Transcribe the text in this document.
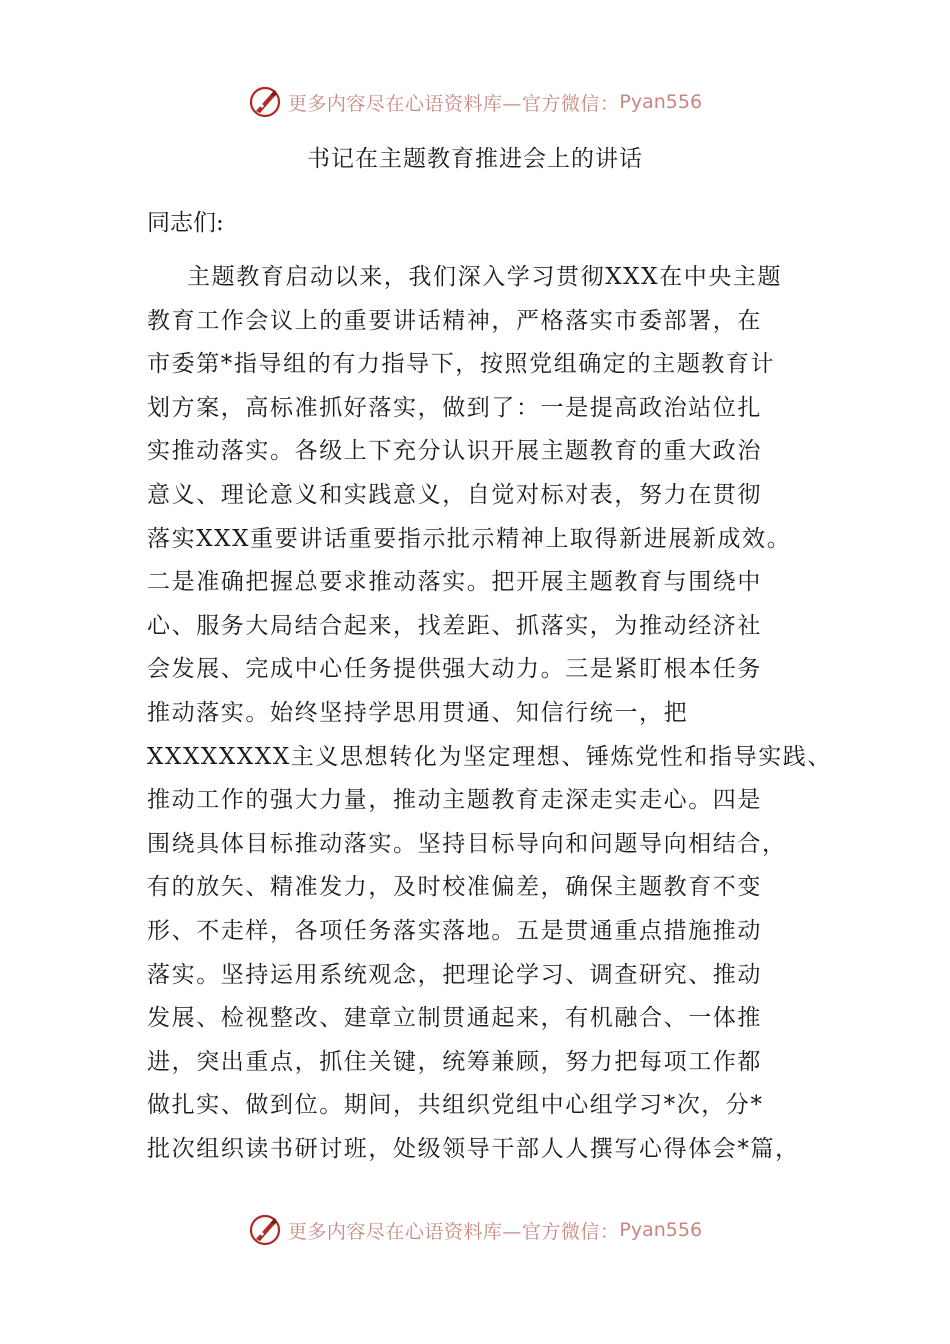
更多内容尽在心语资料库—官方微信： Pyan556
书记在主题教育推进会上的讲话
同志们:
主题教育启动以来，我们深入学习贯彻XXX在中央主题
教育工作会议上的重要讲话精神，严格落实市委部署，在
市委第*指导组的有力指导下，按照党组确定的主题教育计
划方案，高标准抓好落实，做到了：一是提高政治站位扎
实推动落实。各级上下充分认识开展主题教育的重大政治
意义、理论意义和实践意义，自觉对标对表，努力在贯彻
落实XXX重要讲话重要指示批示精神上取得新进展新成效。
二是准确把握总要求推动落实。把开展主题教育与围绕中
心、服务大局结合起来，找差距、抓落实，为推动经济社
会发展、完成中心任务提供强大动力。三是紧盯根本任务
推动落实。始终坚持学思用贯通、知信行统一，把
XXXXXXXX主义思想转化为坚定理想、锤炼党性和指导实践、
推动工作的强大力量，推动主题教育走深走实走心。四是
围绕具体目标推动落实。坚持目标导向和问题导向相结合，
有的放矢、精准发力，及时校准偏差，确保主题教育不变
形、不走样，各项任务落实落地。五是贯通重点措施推动
落实。坚持运用系统观念，把理论学习、调查研究、推动
发展、检视整改、建章立制贯通起来，有机融合、一体推
进，突出重点，抓住关键，统筹兼顾，努力把每项工作都
做扎实、做到位。期间，共组织党组中心组学习*次，分*
批次组织读书研讨班，处级领导干部人人撰写心得体会*篇，
更多内容尽在心语资料库—官方微信： Pyan556
